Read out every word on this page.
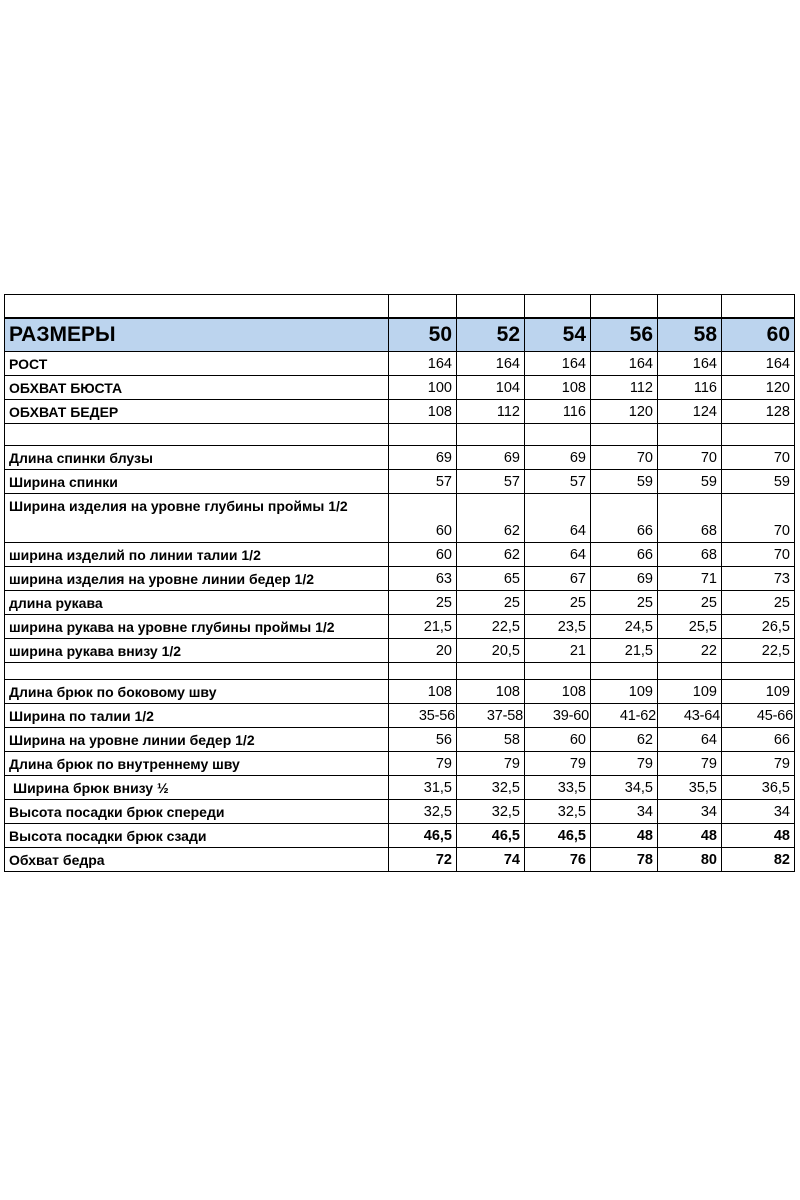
РАЗМЕРЫ	50	52	54	56	58	60
РОСТ	164	164	164	164	164	164
ОБХВАТ БЮСТА	100	104	108	112	116	120
ОБХВАТ БЕДЕР	108	112	116	120	124	128

Длина спинки блузы	69	69	69	70	70	70
Ширина спинки	57	57	57	59	59	59
Ширина изделия на уровне глубины проймы 1/2	60	62	64	66	68	70
ширина изделий по линии талии 1/2	60	62	64	66	68	70
ширина изделия на уровне линии бедер 1/2	63	65	67	69	71	73
длина рукава	25	25	25	25	25	25
ширина рукава на уровне глубины проймы 1/2	21,5	22,5	23,5	24,5	25,5	26,5
ширина рукава внизу 1/2	20	20,5	21	21,5	22	22,5

Длина брюк по боковому шву	108	108	108	109	109	109
Ширина по талии 1/2	35-56	37-58	39-60	41-62	43-64	45-66
Ширина на уровне линии бедер 1/2	56	58	60	62	64	66
Длина брюк по внутреннему шву	79	79	79	79	79	79
Ширина брюк внизу ½	31,5	32,5	33,5	34,5	35,5	36,5
Высота посадки брюк спереди	32,5	32,5	32,5	34	34	34
Высота посадки брюк сзади	46,5	46,5	46,5	48	48	48
Обхват бедра	72	74	76	78	80	82
